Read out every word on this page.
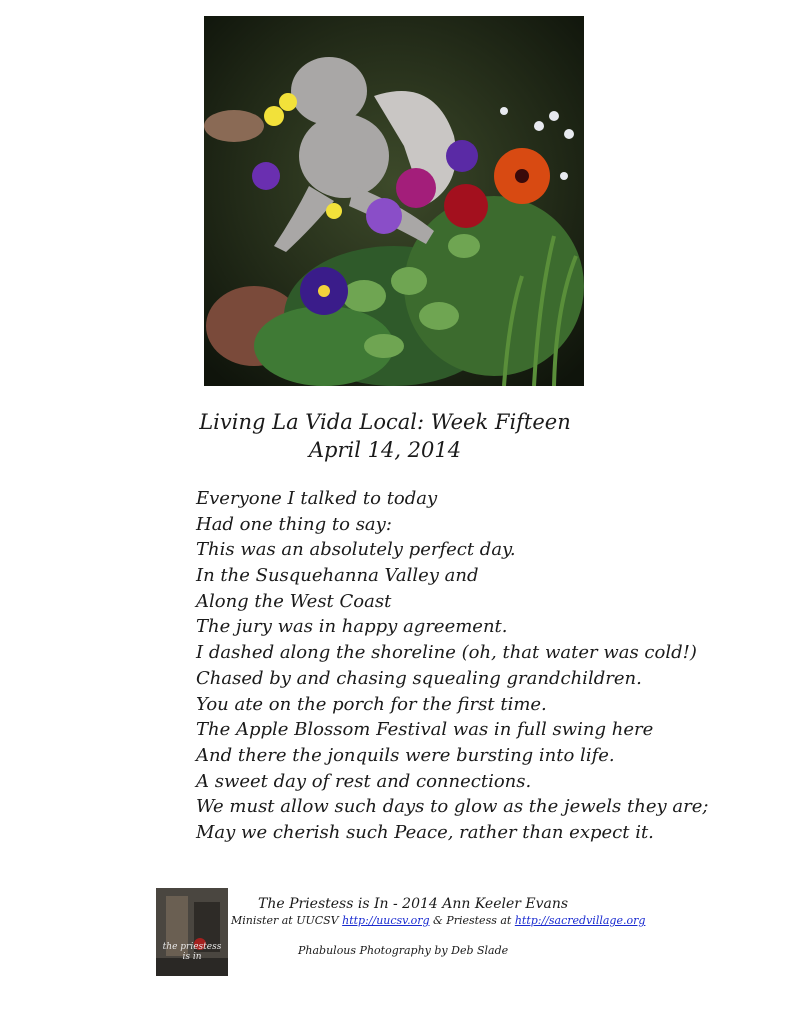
Living La Vida Local: Week Fifteen
April 14, 2014
Everyone I talked to today
Had one thing to say:
This was an absolutely perfect day.
In the Susquehanna Valley and
Along the West Coast
The jury was in happy agreement.
I dashed along the shoreline (oh, that water was cold!)
Chased by and chasing squealing grandchildren.
You ate on the porch for the first time.
The Apple Blossom Festival was in full swing here
And there the jonquils were bursting into life.
A sweet day of rest and connections.
We must allow such days to glow as the jewels they are;
May we cherish such Peace, rather than expect it.
the priestess is in
The Priestess is In - 2014 Ann Keeler Evans
Minister at UUCSV http://uucsv.org & Priestess at http://sacredvillage.org
Phabulous Photography by Deb Slade
